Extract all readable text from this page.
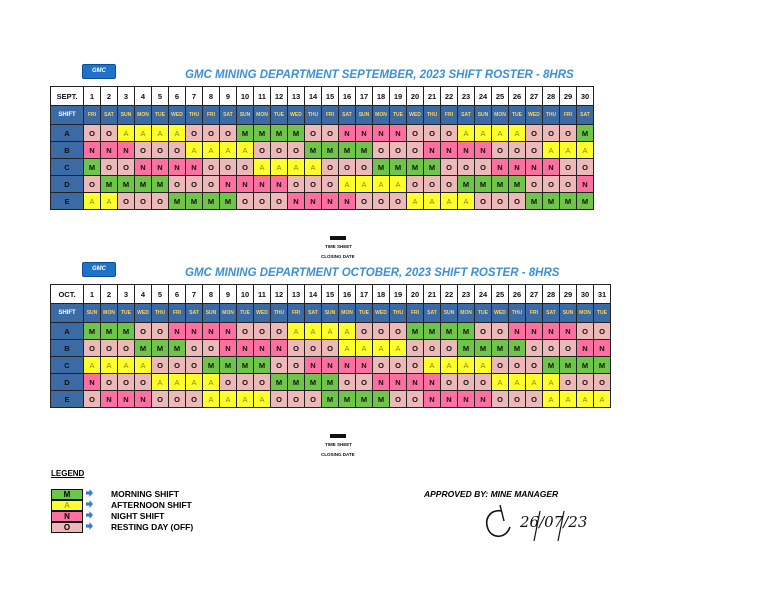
GMC	GMC MINING DEPARTMENT SEPTEMBER, 2023 SHIFT ROSTER - 8HRS
SEPT.	1	2	3	4	5	6	7	8	9	10	11	12	13	14	15	16	17	18	19	20	21	22	23	24	25	26	27	28	29	30
SHIFT	FRI	SAT	SUN	MON	TUE	WED	THU	FRI	SAT	SUN	MON	TUE	WED	THU	FRI	SAT	SUN	MON	TUE	WED	THU	FRI	SAT	SUN	MON	TUE	WED	THU	FRI	SAT
A	O	O	A	A	A	A	O	O	O	M	M	M	M	O	O	N	N	N	N	O	O	O	A	A	A	A	O	O	O	M
B	N	N	N	O	O	O	A	A	A	A	O	O	O	M	M	M	M	O	O	O	N	N	N	N	O	O	O	A	A	A
C	M	O	O	N	N	N	N	O	O	O	A	A	A	A	O	O	O	M	M	M	M	O	O	O	N	N	N	N	O	O
D	O	M	M	M	M	O	O	O	N	N	N	N	O	O	O	A	A	A	A	O	O	O	M	M	M	M	O	O	O	N
E	A	A	O	O	O	M	M	M	M	O	O	O	N	N	N	N	O	O	O	A	A	A	A	O	O	O	M	M	M	M
GMC	GMC MINING DEPARTMENT OCTOBER, 2023 SHIFT ROSTER - 8HRS
OCT.	1	2	3	4	5	6	7	8	9	10	11	12	13	14	15	16	17	18	19	20	21	22	23	24	25	26	27	28	29	30	31
SHIFT	SUN	MON	TUE	WED	THU	FRI	SAT	SUN	MON	TUE	WED	THU	FRI	SAT	SUN	MON	TUE	WED	THU	FRI	SAT	SUN	MON	TUE	WED	THU	FRI	SAT	SUN	MON	TUE
A	M	M	M	O	O	N	N	N	N	O	O	O	A	A	A	A	O	O	O	M	M	M	M	O	O	N	N	N	N	O	O
B	O	O	O	M	M	M	O	O	N	N	N	N	O	O	O	A	A	A	A	O	O	O	M	M	M	M	O	O	O	N	N
C	A	A	A	A	O	O	O	M	M	M	M	O	O	N	N	N	N	O	O	O	A	A	A	A	O	O	O	M	M	M	M
D	N	O	O	O	A	A	A	A	O	O	O	M	M	M	M	O	O	N	N	N	N	O	O	O	A	A	A	A	O	O	O
E	O	N	N	N	O	O	O	A	A	A	A	O	O	O	M	M	M	M	O	O	N	N	N	N	O	O	O	A	A	A	A
TIME SHEET
CLOSING DATE
TIME SHEET
CLOSING DATE
LEGEND
M	MORNING SHIFT
A	AFTERNOON SHIFT
N	NIGHT SHIFT
O	RESTING DAY (OFF)
APPROVED BY: MINE MANAGER
26/07/23
